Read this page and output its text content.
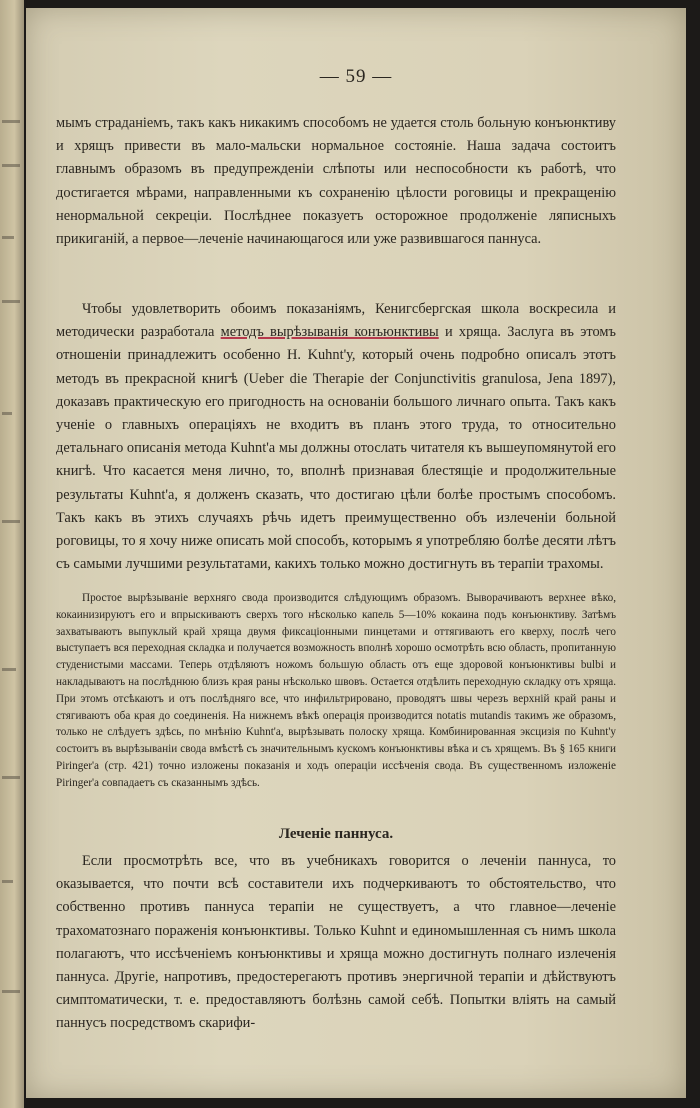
— 59 —

мымъ страданіемъ, такъ какъ никакимъ способомъ не удается столь больную конъюнктиву и хрящъ привести въ мало-мальски нормальное состояніе. Наша задача состоитъ главнымъ образомъ въ предупрежденіи слѣпоты или неспособности къ работѣ, что достигается мѣрами, направленными къ сохраненію цѣлости роговицы и прекращенію ненормальной секреціи. Послѣднее показуетъ осторожное продолженіе ляписныхъ прикиганій, а первое—леченіе начинающагося или уже развившагося паннуса.

Чтобы удовлетворить обоимъ показаніямъ, Кенигсбергская школа воскресила и методически разработала методъ вырѣзыванія конъюнктивы и хряща. Заслуга въ этомъ отношеніи принадлежитъ особенно Н. Kuhnt'у, который очень подробно описалъ этотъ методъ въ прекрасной книгѣ (Ueber die Therapie der Conjunctivitis granulosa, Jena 1897), доказавъ практическую его пригодность на основаніи большого личнаго опыта. Такъ какъ ученіе о главныхъ операціяхъ не входитъ въ планъ этого труда, то относительно детальнаго описанія метода Kuhnt'а мы должны отослать читателя къ вышеупомянутой его книгѣ. Что касается меня лично, то, вполнѣ признавая блестящіе и продолжительные результаты Kuhnt'а, я долженъ сказать, что достигаю цѣли болѣе простымъ способомъ. Такъ какъ въ этихъ случаяхъ рѣчь идетъ преимущественно объ излеченіи больной роговицы, то я хочу ниже описать мой способъ, которымъ я употребляю болѣе десяти лѣтъ съ самыми лучшими результатами, какихъ только можно достигнуть въ терапіи трахомы.

Простое вырѣзываніе верхняго свода производится слѣдующимъ образомъ. Выворачиваютъ верхнее вѣко, кокаинизируютъ его и впрыскиваютъ сверхъ того нѣсколько капель 5—10% кокаина подъ конъюнктиву. Затѣмъ захватываютъ выпуклый край хряща двумя фиксаціонными пинцетами и оттягиваютъ его кверху, послѣ чего выступаетъ вся переходная складка и получается возможность вполнѣ хорошо осмотрѣть всю область, пропитанную студенистыми массами. Теперь отдѣляютъ ножомъ большую область отъ еще здоровой конъюнктивы bulbi и накладываютъ на послѣднюю близъ края раны нѣсколько швовъ. Остается отдѣлить переходную складку отъ хряща. При этомъ отсѣкаютъ и отъ послѣдняго все, что инфильтрировано, проводятъ швы черезъ верхній край раны и стягиваютъ оба края до соединенія. На нижнемъ вѣкѣ операція производится notatis mutandis такимъ же образомъ, только не слѣдуетъ здѣсь, по мнѣнію Kuhnt'а, вырѣзывать полоску хряща. Комбинированная эксцизія по Kuhnt'у состоитъ въ вырѣзываніи свода вмѣстѣ съ значительнымъ кускомъ конъюнктивы вѣка и съ хрящемъ. Въ § 165 книги Piringer'а (стр. 421) точно изложены показанія и ходъ операціи иссѣченія свода. Въ существенномъ изложеніе Piringer'а совпадаетъ съ сказаннымъ здѣсь.

Леченіе паннуса.

Если просмотрѣть все, что въ учебникахъ говорится о леченіи паннуса, то оказывается, что почти всѣ составители ихъ подчеркиваютъ то обстоятельство, что собственно противъ паннуса терапіи не существуетъ, а что главное—леченіе трахоматознаго пораженія конъюнктивы. Только Kuhnt и единомышленная съ нимъ школа полагаютъ, что иссѣченіемъ конъюнктивы и хряща можно достигнуть полнаго излеченія паннуса. Другіе, напротивъ, предостерегаютъ противъ энергичной терапіи и дѣйствуютъ симптоматически, т. е. предоставляютъ болѣзнь самой себѣ. Попытки влiять на самый паннусъ посредствомъ скарифи-
